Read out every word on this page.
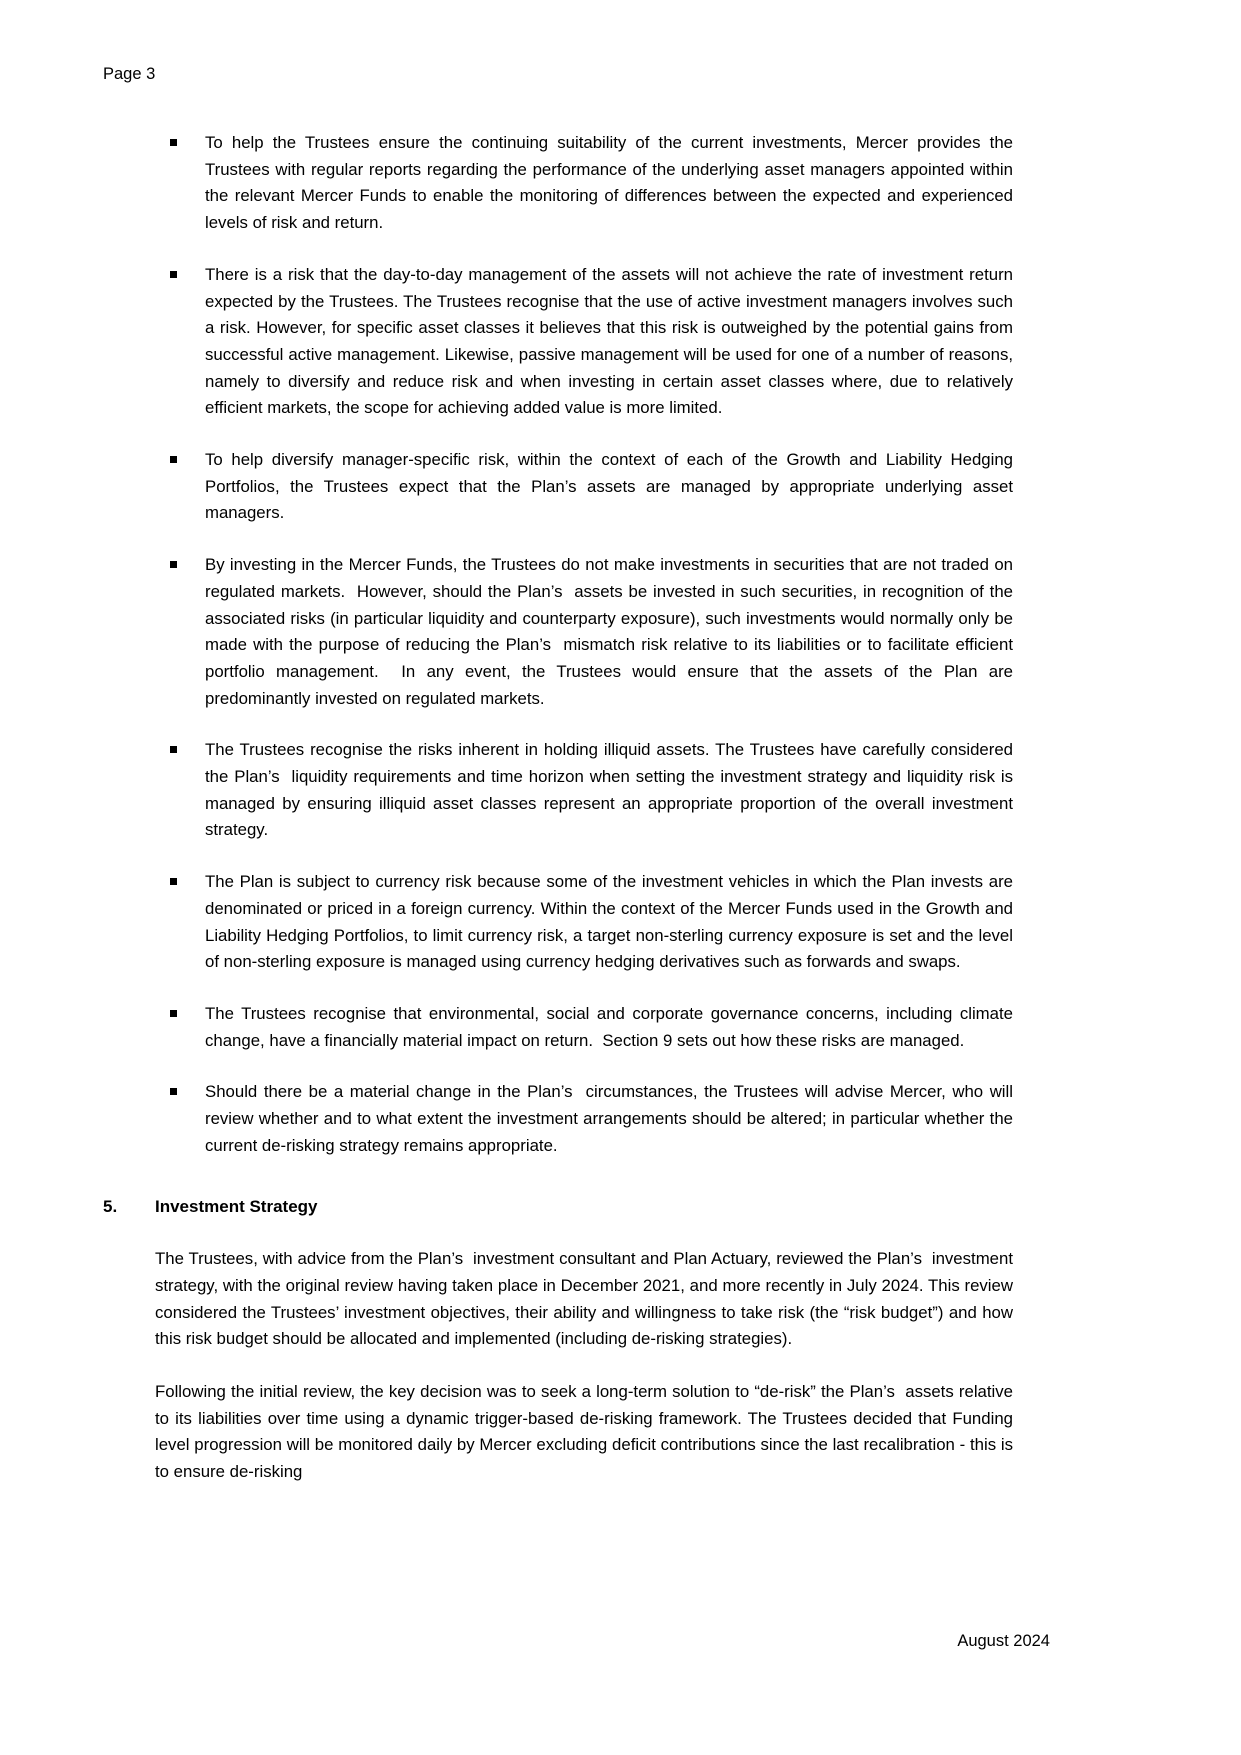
Page 3
To help the Trustees ensure the continuing suitability of the current investments, Mercer provides the Trustees with regular reports regarding the performance of the underlying asset managers appointed within the relevant Mercer Funds to enable the monitoring of differences between the expected and experienced levels of risk and return.
There is a risk that the day-to-day management of the assets will not achieve the rate of investment return expected by the Trustees. The Trustees recognise that the use of active investment managers involves such a risk. However, for specific asset classes it believes that this risk is outweighed by the potential gains from successful active management. Likewise, passive management will be used for one of a number of reasons, namely to diversify and reduce risk and when investing in certain asset classes where, due to relatively efficient markets, the scope for achieving added value is more limited.
To help diversify manager-specific risk, within the context of each of the Growth and Liability Hedging Portfolios, the Trustees expect that the Plan’s assets are managed by appropriate underlying asset managers.
By investing in the Mercer Funds, the Trustees do not make investments in securities that are not traded on regulated markets.  However, should the Plan’s  assets be invested in such securities, in recognition of the associated risks (in particular liquidity and counterparty exposure), such investments would normally only be made with the purpose of reducing the Plan’s  mismatch risk relative to its liabilities or to facilitate efficient portfolio management.  In any event, the Trustees would ensure that the assets of the Plan are predominantly invested on regulated markets.
The Trustees recognise the risks inherent in holding illiquid assets. The Trustees have carefully considered the Plan’s  liquidity requirements and time horizon when setting the investment strategy and liquidity risk is managed by ensuring illiquid asset classes represent an appropriate proportion of the overall investment strategy.
The Plan is subject to currency risk because some of the investment vehicles in which the Plan invests are denominated or priced in a foreign currency. Within the context of the Mercer Funds used in the Growth and Liability Hedging Portfolios, to limit currency risk, a target non-sterling currency exposure is set and the level of non-sterling exposure is managed using currency hedging derivatives such as forwards and swaps.
The Trustees recognise that environmental, social and corporate governance concerns, including climate change, have a financially material impact on return.  Section 9 sets out how these risks are managed.
Should there be a material change in the Plan’s  circumstances, the Trustees will advise Mercer, who will review whether and to what extent the investment arrangements should be altered; in particular whether the current de-risking strategy remains appropriate.
5.	Investment Strategy

The Trustees, with advice from the Plan’s  investment consultant and Plan Actuary, reviewed the Plan’s  investment strategy, with the original review having taken place in December 2021, and more recently in July 2024. This review considered the Trustees’ investment objectives, their ability and willingness to take risk (the “risk budget”) and how this risk budget should be allocated and implemented (including de-risking strategies).

Following the initial review, the key decision was to seek a long-term solution to “de-risk” the Plan’s  assets relative to its liabilities over time using a dynamic trigger-based de-risking framework. The Trustees decided that Funding level progression will be monitored daily by Mercer excluding deficit contributions since the last recalibration - this is to ensure de-risking

August 2024
